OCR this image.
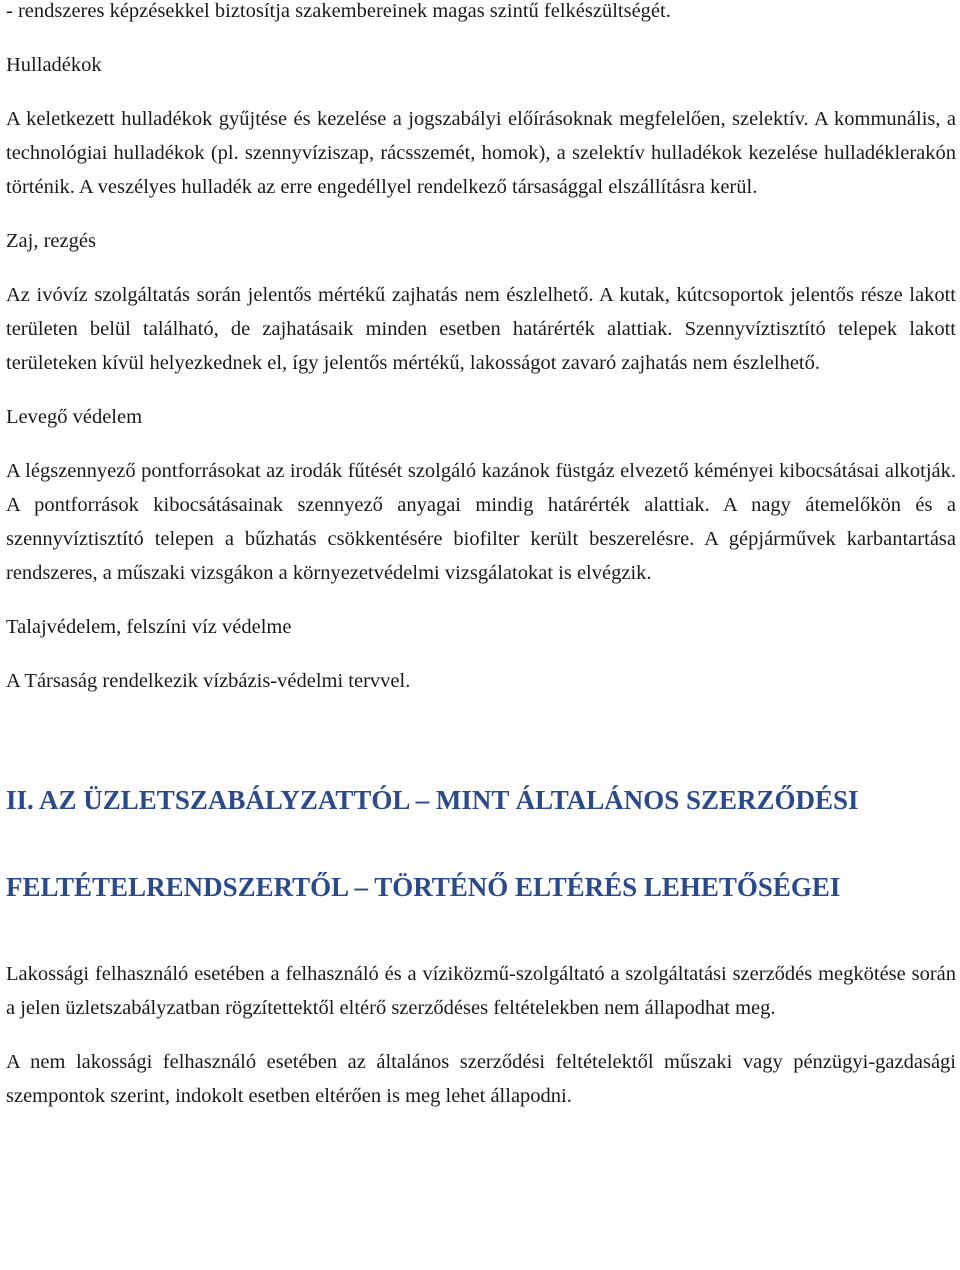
- rendszeres képzésekkel biztosítja szakembereinek magas szintű felkészültségét.

Hulladékok

A keletkezett hulladékok gyűjtése és kezelése a jogszabályi előírásoknak megfelelően, szelektív. A kommunális, a technológiai hulladékok (pl. szennyvíziszap, rácsszemét, homok), a szelektív hulladékok kezelése hulladéklerakón történik. A veszélyes hulladék az erre engedéllyel rendelkező társasággal elszállításra kerül.

Zaj, rezgés

Az ivóvíz szolgáltatás során jelentős mértékű zajhatás nem észlelhető. A kutak, kútcsoportok jelentős része lakott területen belül található, de zajhatásaik minden esetben határérték alattiak. Szennyvíztisztító telepek lakott területeken kívül helyezkednek el, így jelentős mértékű, lakosságot zavaró zajhatás nem észlelhető.

Levegő védelem

A légszennyező pontforrásokat az irodák fűtését szolgáló kazánok füstgáz elvezető kéményei kibocsátásai alkotják. A pontforrások kibocsátásainak szennyező anyagai mindig határérték alattiak. A nagy átemelőkön és a szennyvíztisztító telepen a bűzhatás csökkentésére biofilter került beszerelésre. A gépjárművek karbantartása rendszeres, a műszaki vizsgákon a környezetvédelmi vizsgálatokat is elvégzik.

Talajvédelem, felszíni víz védelme

A Társaság rendelkezik vízbázis-védelmi tervvel.

II. AZ ÜZLETSZABÁLYZATTÓL – MINT ÁLTALÁNOS SZERZŐDÉSI

FELTÉTELRENDSZERTŐL – TÖRTÉNŐ ELTÉRÉS LEHETŐSÉGEI

Lakossági felhasználó esetében a felhasználó és a víziközmű-szolgáltató a szolgáltatási szerződés megkötése során a jelen üzletszabályzatban rögzítettektől eltérő szerződéses feltételekben nem állapodhat meg.

A nem lakossági felhasználó esetében az általános szerződési feltételektől műszaki vagy pénzügyi-gazdasági szempontok szerint, indokolt esetben eltérően is meg lehet állapodni.
